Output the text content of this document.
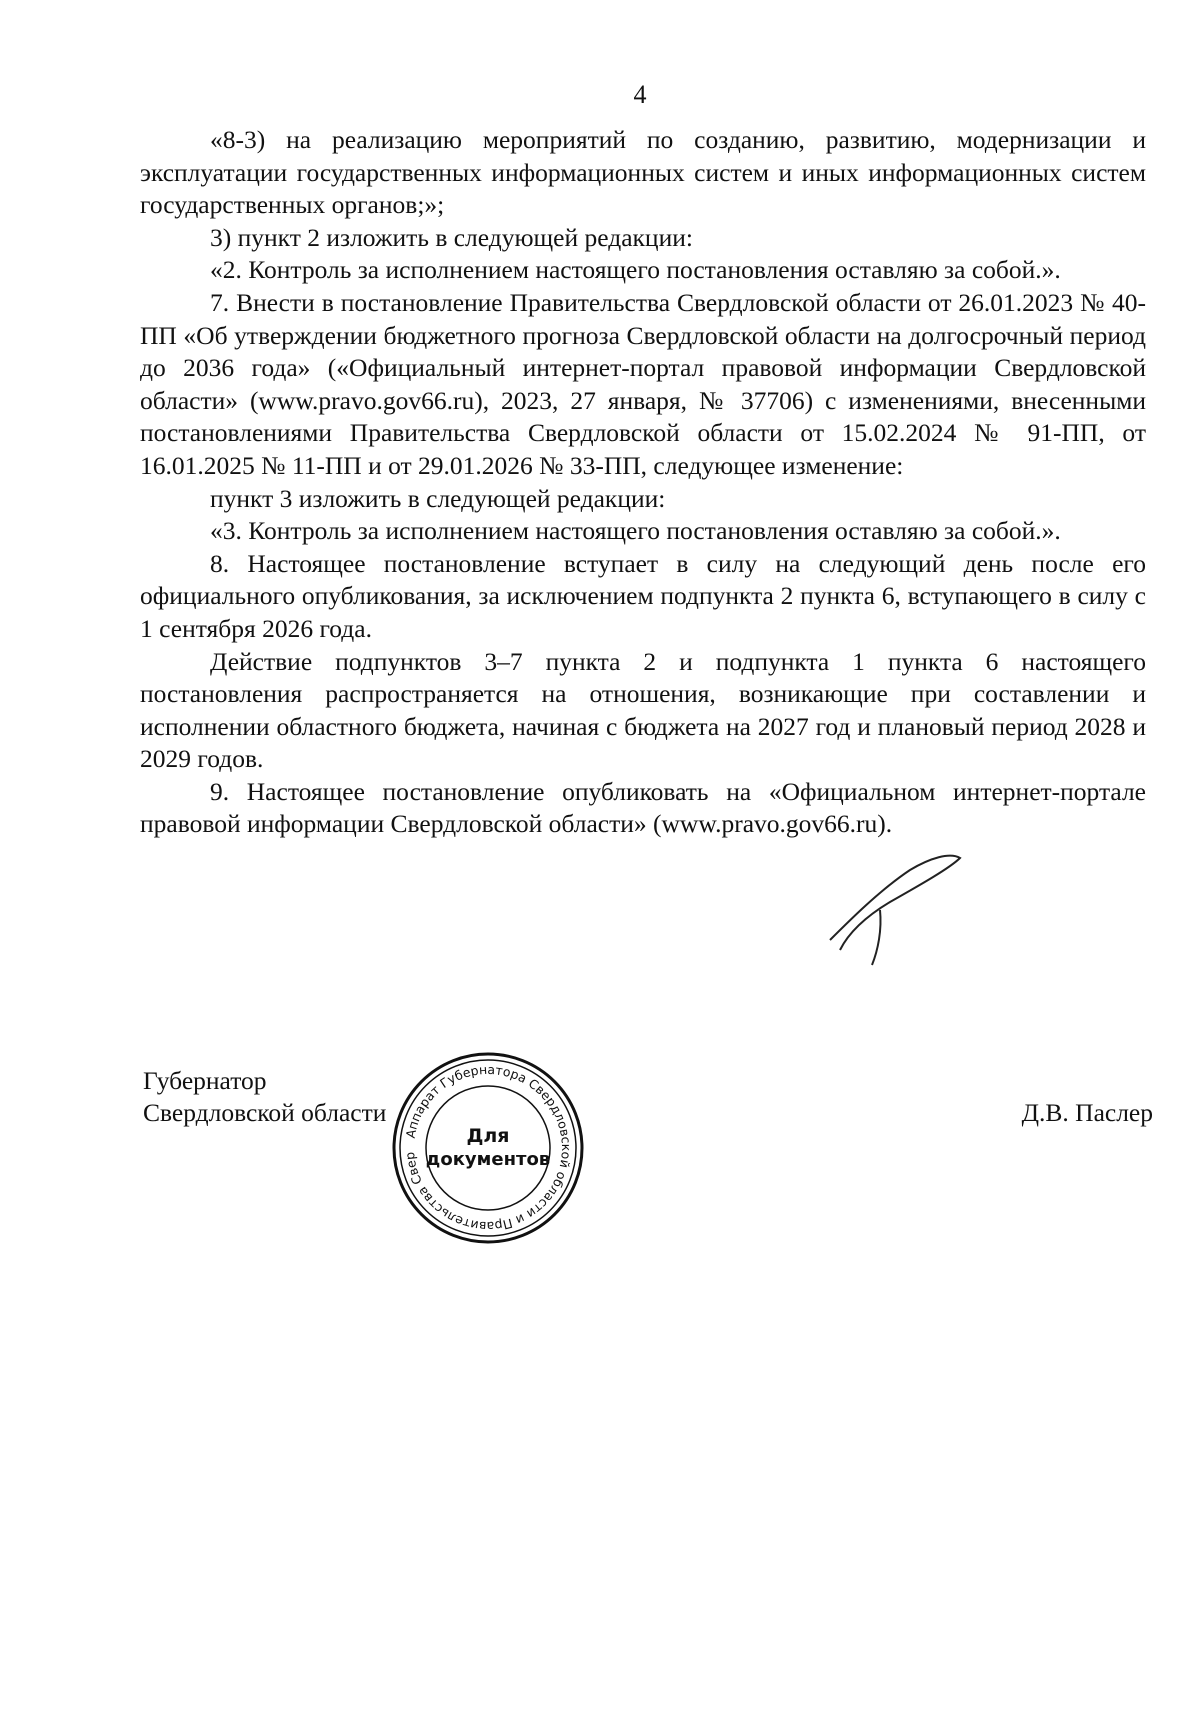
4

«8-3) на реализацию мероприятий по созданию, развитию, модернизации и эксплуатации государственных информационных систем и иных информационных систем государственных органов;»;

3) пункт 2 изложить в следующей редакции:

«2. Контроль за исполнением настоящего постановления оставляю за собой.».

7. Внести в постановление Правительства Свердловской области от 26.01.2023 № 40-ПП «Об утверждении бюджетного прогноза Свердловской области на долгосрочный период до 2036 года» («Официальный интернет-портал правовой информации Свердловской области» (www.pravo.gov66.ru), 2023, 27 января, № 37706) с изменениями, внесенными постановлениями Правительства Свердловской области от 15.02.2024 № 91-ПП, от 16.01.2025 № 11-ПП и от 29.01.2026 № 33-ПП, следующее изменение:

пункт 3 изложить в следующей редакции:

«3. Контроль за исполнением настоящего постановления оставляю за собой.».

8. Настоящее постановление вступает в силу на следующий день после его официального опубликования, за исключением подпункта 2 пункта 6, вступающего в силу с 1 сентября 2026 года.

Действие подпунктов 3–7 пункта 2 и подпункта 1 пункта 6 настоящего постановления распространяется на отношения, возникающие при составлении и исполнении областного бюджета, начиная с бюджета на 2027 год и плановый период 2028 и 2029 годов.

9. Настоящее постановление опубликовать на «Официальном интернет-портале правовой информации Свердловской области» (www.pravo.gov66.ru).

Губернатор
Свердловской области	Д.В. Паслер
Аппарат Губернатора Свердловской области и Правительства Свер
Для
документов
